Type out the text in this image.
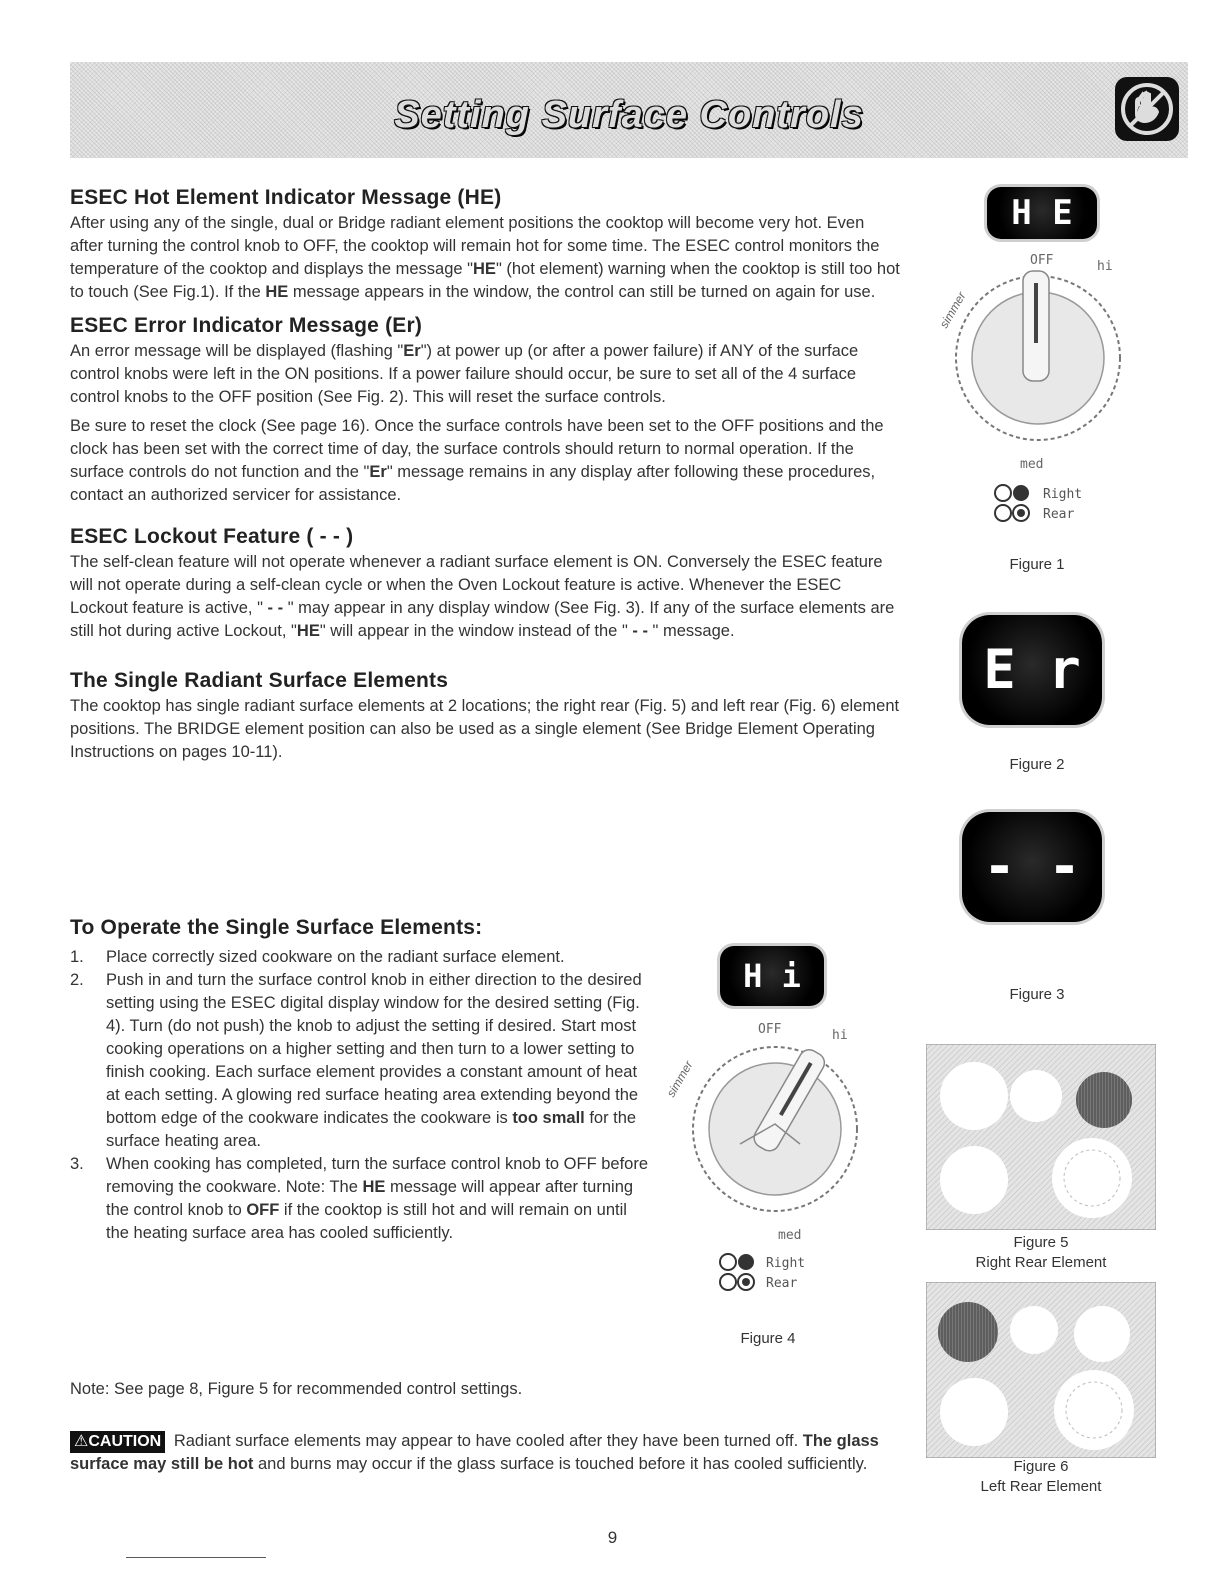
Setting Surface Controls
ESEC Hot Element Indicator Message (HE)

After using any of the single, dual or Bridge radiant element positions the cooktop will become very hot. Even after turning the control knob to OFF, the cooktop will remain hot for some time. The ESEC control monitors the temperature of the cooktop and displays the message "HE" (hot element) warning when the cooktop is still too hot to touch (See Fig.1). If the HE message appears in the window, the control can still be turned on again for use.

ESEC Error Indicator Message (Er)

An error message will be displayed (flashing "Er") at power up (or after a power failure) if ANY of the surface control knobs were left in the ON positions. If a power failure should occur, be sure to set all of the 4 surface control knobs to the OFF position (See Fig. 2). This will reset the surface controls.

Be sure to reset the clock (See page 16). Once the surface controls have been set to the OFF positions and the clock has been set with the correct time of day, the surface controls should return to normal operation. If the surface controls do not function and the "Er" message remains in any display after following these procedures, contact an authorized servicer for assistance.

ESEC Lockout Feature ( - - )

The self-clean feature will not operate whenever a radiant surface element is ON. Conversely the ESEC feature will not operate during a self-clean cycle or when the Oven Lockout feature is active. Whenever the ESEC Lockout feature is active, " - - " may appear in any display window (See Fig. 3). If any of the surface elements are still hot during active Lockout, "HE" will appear in the window instead of the " - - " message.

The Single Radiant Surface Elements

The cooktop has single radiant surface elements at 2 locations; the right rear (Fig. 5) and left rear (Fig. 6) element positions. The BRIDGE element position can also be used as a single element (See Bridge Element Operating Instructions on pages 10-11).

To Operate the Single Surface Elements:
1. Place correctly sized cookware on the radiant surface element.
2. Push in and turn the surface control knob in either direction to the desired setting using the ESEC digital display window for the desired setting (Fig. 4). Turn (do not push) the knob to adjust the setting if desired. Start most cooking operations on a higher setting and then turn to a lower setting to finish cooking. Each surface element provides a constant amount of heat at each setting. A glowing red surface heating area extending beyond the bottom edge of the cookware indicates the cookware is too small for the surface heating area.
3. When cooking has completed, turn the surface control knob to OFF before removing the cookware. Note: The HE message will appear after turning the control knob to OFF if the cooktop is still hot and will remain on until the heating surface area has cooled sufficiently.
Note: See page 8, Figure 5 for recommended control settings.
⚠CAUTION Radiant surface elements may appear to have cooled after they have been turned off. The glass surface may still be hot and burns may occur if the glass surface is touched before it has cooled sufficiently.
9
H E
OFF	hi
simmer
med
Right
Rear
Figure 1
E r
Figure 2
- -
Figure 3
H i
OFF	hi
simmer
med
Right
Rear
Figure 4
Figure 5
Right Rear Element
Figure 6
Left Rear Element
